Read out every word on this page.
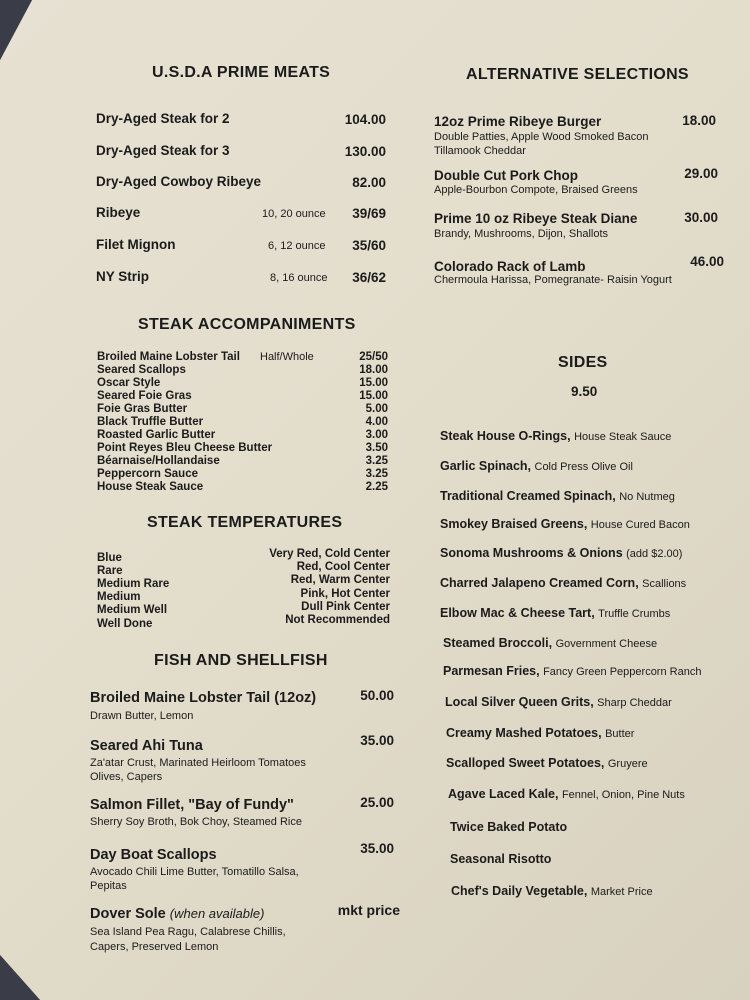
U.S.D.A PRIME MEATS
Dry-Aged Steak for 2	104.00
Dry-Aged Steak for 3	130.00
Dry-Aged Cowboy Ribeye	82.00
Ribeye	10, 20 ounce	39/69
Filet Mignon	6, 12 ounce	35/60
NY Strip	8, 16 ounce	36/62
STEAK ACCOMPANIMENTS
Broiled Maine Lobster Tail Half/Whole	25/50
Seared Scallops	18.00
Oscar Style	15.00
Seared Foie Gras	15.00
Foie Gras Butter	5.00
Black Truffle Butter	4.00
Roasted Garlic Butter	3.00
Point Reyes Bleu Cheese Butter	3.50
Béarnaise/Hollandaise	3.25
Peppercorn Sauce	3.25
House Steak Sauce	2.25
STEAK TEMPERATURES
Blue	Very Red, Cold Center
Rare	Red, Cool Center
Medium Rare	Red, Warm Center
Medium	Pink, Hot Center
Medium Well	Dull Pink Center
Well Done	Not Recommended
FISH AND SHELLFISH
Broiled Maine Lobster Tail (12oz)	50.00
Drawn Butter, Lemon
Seared Ahi Tuna	35.00
Za'atar Crust, Marinated Heirloom Tomatoes
Olives, Capers
Salmon Fillet, "Bay of Fundy"	25.00
Sherry Soy Broth, Bok Choy, Steamed Rice
Day Boat Scallops	35.00
Avocado Chili Lime Butter, Tomatillo Salsa,
Pepitas
Dover Sole (when available)	mkt price
Sea Island Pea Ragu, Calabrese Chillis,
Capers, Preserved Lemon
ALTERNATIVE SELECTIONS
12oz Prime Ribeye Burger	18.00
Double Patties, Apple Wood Smoked Bacon
Tillamook Cheddar
Double Cut Pork Chop	29.00
Apple-Bourbon Compote, Braised Greens
Prime 10 oz Ribeye Steak Diane	30.00
Brandy, Mushrooms, Dijon, Shallots
Colorado Rack of Lamb	46.00
Chermoula Harissa, Pomegranate- Raisin Yogurt
SIDES
9.50
Steak House O-Rings, House Steak Sauce
Garlic Spinach, Cold Press Olive Oil
Traditional Creamed Spinach, No Nutmeg
Smokey Braised Greens, House Cured Bacon
Sonoma Mushrooms & Onions (add $2.00)
Charred Jalapeno Creamed Corn, Scallions
Elbow Mac & Cheese Tart, Truffle Crumbs
Steamed Broccoli, Government Cheese
Parmesan Fries, Fancy Green Peppercorn Ranch
Local Silver Queen Grits, Sharp Cheddar
Creamy Mashed Potatoes, Butter
Scalloped Sweet Potatoes, Gruyere
Agave Laced Kale, Fennel, Onion, Pine Nuts
Twice Baked Potato
Seasonal Risotto
Chef's Daily Vegetable, Market Price
